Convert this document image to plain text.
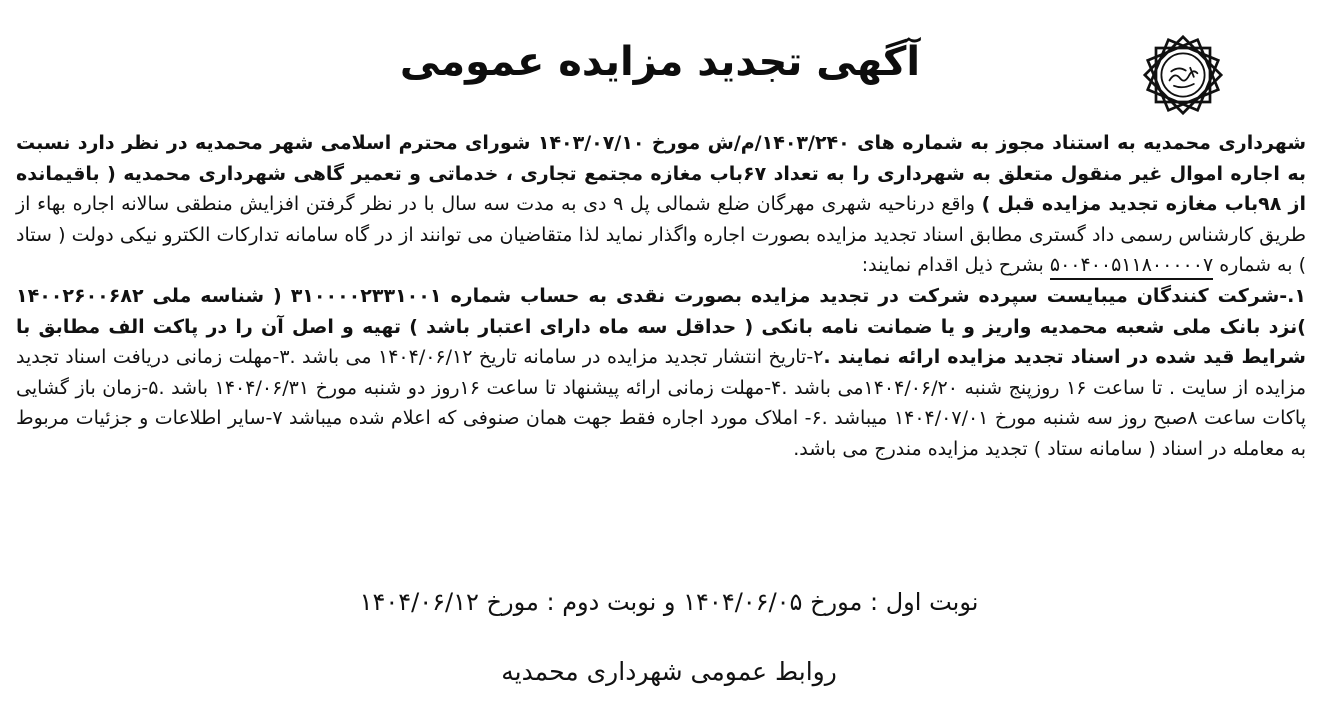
آگهی تجدید مزایده عمومی

شهرداری محمدیه به استناد مجوز به شماره های ۱۴۰۳/۲۴۰/م/ش مورخ ۱۴۰۳/۰۷/۱۰ شورای محترم اسلامی شهر محمدیه در نظر دارد نسبت به اجاره اموال غیر منقول متعلق به شهرداری را به تعداد ۶۷باب مغازه مجتمع تجاری ، خدماتی و تعمیر گاهی شهرداری محمدیه ( باقیمانده از ۹۸باب مغازه تجدید مزایده قبل ) واقع درناحیه شهری مهرگان ضلع شمالی پل ۹ دی به مدت سه سال با در نظر گرفتن افزایش منطقی سالانه اجاره بهاء از طریق کارشناس رسمی داد گستری مطابق اسناد تجدید مزایده بصورت اجاره واگذار نماید لذا متقاضیان می توانند از در گاه سامانه تدارکات الکترو نیکی دولت ( ستاد ) به شماره ۵۰۰۴۰۰۵۱۱۸۰۰۰۰۰۷ بشرح ذیل اقدام نمایند:

۱.-شرکت کنندگان میبایست سپرده شرکت در تجدید مزایده بصورت نقدی به حساب شماره ۳۱۰۰۰۰۲۳۳۱۰۰۱ ( شناسه ملی ۱۴۰۰۲۶۰۰۶۸۲ )نزد بانک ملی شعبه محمدیه واریز و یا ضمانت نامه بانکی ( حداقل سه ماه دارای اعتبار باشد ) تهیه و اصل آن را در پاکت الف مطابق با شرایط قید شده در اسناد تجدید مزایده ارائه نمایند .۲-تاریخ انتشار تجدید مزایده در سامانه تاریخ ۱۴۰۴/۰۶/۱۲ می باشد .۳-مهلت زمانی دریافت اسناد تجدید مزایده از سایت . تا ساعت ۱۶ روزپنج شنبه ۱۴۰۴/۰۶/۲۰می باشد .۴-مهلت زمانی ارائه پیشنهاد تا ساعت ۱۶روز دو شنبه مورخ ۱۴۰۴/۰۶/۳۱ باشد .۵-زمان باز گشایی پاکات ساعت ۸صبح روز سه شنبه مورخ ۱۴۰۴/۰۷/۰۱ میباشد .۶- املاک مورد اجاره فقط جهت همان صنوفی که اعلام شده میباشد ۷-سایر اطلاعات و جزئیات مربوط به معامله در اسناد ( سامانه ستاد ) تجدید مزایده مندرج می باشد.

نوبت اول : مورخ ۱۴۰۴/۰۶/۰۵ و نوبت دوم : مورخ ۱۴۰۴/۰۶/۱۲
روابط عمومی شهرداری محمدیه
